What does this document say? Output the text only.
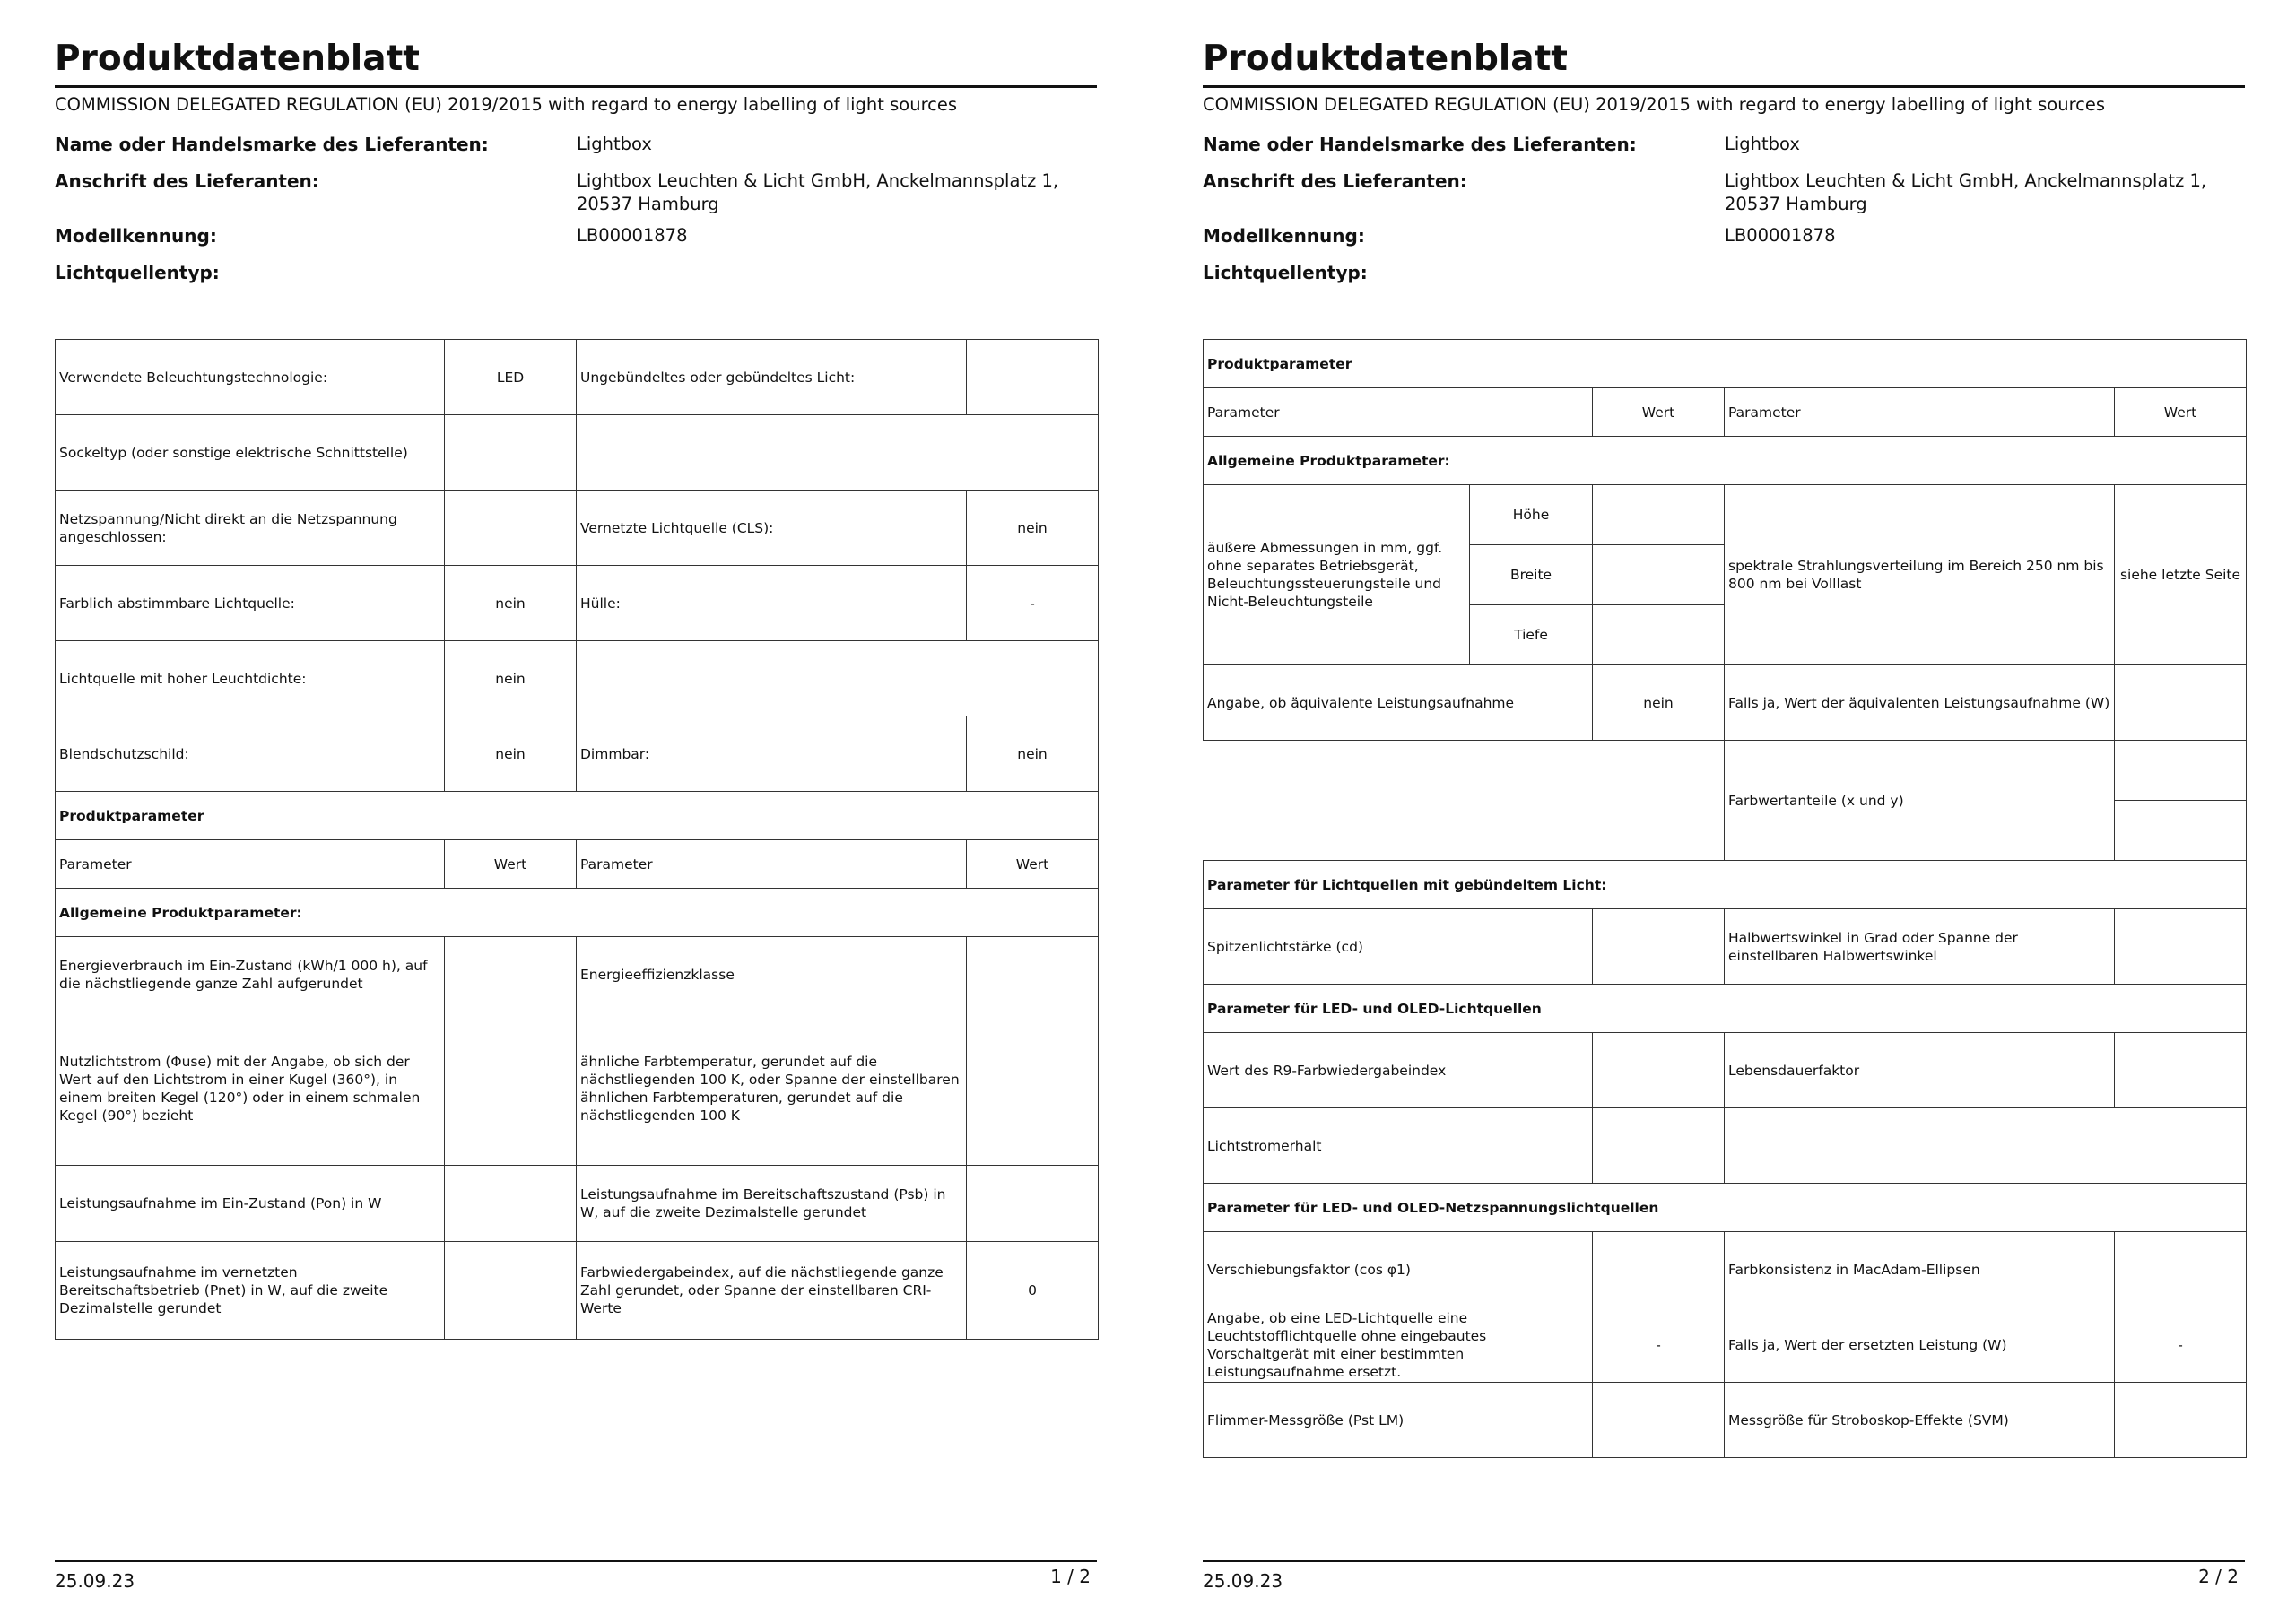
Produktdatenblatt
COMMISSION DELEGATED REGULATION (EU) 2019/2015 with regard to energy labelling of light sources
Name oder Handelsmarke des Lieferanten:	Lightbox
Anschrift des Lieferanten:	Lightbox Leuchten & Licht GmbH, Anckelmannsplatz 1, 20537 Hamburg
Modellkennung:	LB00001878
Lichtquellentyp:
Verwendete Beleuchtungstechnologie:	LED	Ungebündeltes oder gebündeltes Licht:	
Sockeltyp (oder sonstige elektrische Schnittstelle)			
Netzspannung/Nicht direkt an die Netzspannung angeschlossen:		Vernetzte Lichtquelle (CLS):	nein
Farblich abstimmbare Lichtquelle:	nein	Hülle:	-
Lichtquelle mit hoher Leuchtdichte:	nein		
Blendschutzschild:	nein	Dimmbar:	nein
Produktparameter			
Parameter	Wert	Parameter	Wert
Allgemeine Produktparameter:			
Energieverbrauch im Ein-Zustand (kWh/1 000 h), auf die nächstliegende ganze Zahl aufgerundet		Energieeffizienzklasse	
Nutzlichtstrom (Φuse) mit der Angabe, ob sich der Wert auf den Lichtstrom in einer Kugel (360°), in einem breiten Kegel (120°) oder in einem schmalen Kegel (90°) bezieht		ähnliche Farbtemperatur, gerundet auf die nächstliegenden 100 K, oder Spanne der einstellbaren ähnlichen Farbtemperaturen, gerundet auf die nächstliegenden 100 K	
Leistungsaufnahme im Ein-Zustand (Pon) in W		Leistungsaufnahme im Bereitschaftszustand (Psb) in W, auf die zweite Dezimalstelle gerundet	
Leistungsaufnahme im vernetzten Bereitschaftsbetrieb (Pnet) in W, auf die zweite Dezimalstelle gerundet		Farbwiedergabeindex, auf die nächstliegende ganze Zahl gerundet, oder Spanne der einstellbaren CRI-Werte	0
25.09.23	1 / 2
Produktdatenblatt
COMMISSION DELEGATED REGULATION (EU) 2019/2015 with regard to energy labelling of light sources
Name oder Handelsmarke des Lieferanten:	Lightbox
Anschrift des Lieferanten:	Lightbox Leuchten & Licht GmbH, Anckelmannsplatz 1, 20537 Hamburg
Modellkennung:	LB00001878
Lichtquellentyp:
Produktparameter				
Parameter		Wert	Parameter	Wert
Allgemeine Produktparameter:				
äußere Abmessungen in mm, ggf. ohne separates Betriebsgerät, Beleuchtungssteuerungsteile und Nicht-Beleuchtungsteile	Höhe		spektrale Strahlungsverteilung im Bereich 250 nm bis 800 nm bei Volllast	siehe letzte Seite
	Breite			
	Tiefe			
Angabe, ob äquivalente Leistungsaufnahme		nein	Falls ja, Wert der äquivalenten Leistungsaufnahme (W)	
			Farbwertanteile (x und y)	

Parameter für Lichtquellen mit gebündeltem Licht:				
Spitzenlichtstärke (cd)			Halbwertswinkel in Grad oder Spanne der einstellbaren Halbwertswinkel	
Parameter für LED- und OLED-Lichtquellen				
Wert des R9-Farbwiedergabeindex			Lebensdauerfaktor	
Lichtstromerhalt				
Parameter für LED- und OLED-Netzspannungslichtquellen				
Verschiebungsfaktor (cos φ1)			Farbkonsistenz in MacAdam-Ellipsen	
Angabe, ob eine LED-Lichtquelle eine Leuchtstofflichtquelle ohne eingebautes Vorschaltgerät mit einer bestimmten Leistungsaufnahme ersetzt.		-	Falls ja, Wert der ersetzten Leistung (W)	-
Flimmer-Messgröße (Pst LM)			Messgröße für Stroboskop-Effekte (SVM)	
25.09.23	2 / 2
